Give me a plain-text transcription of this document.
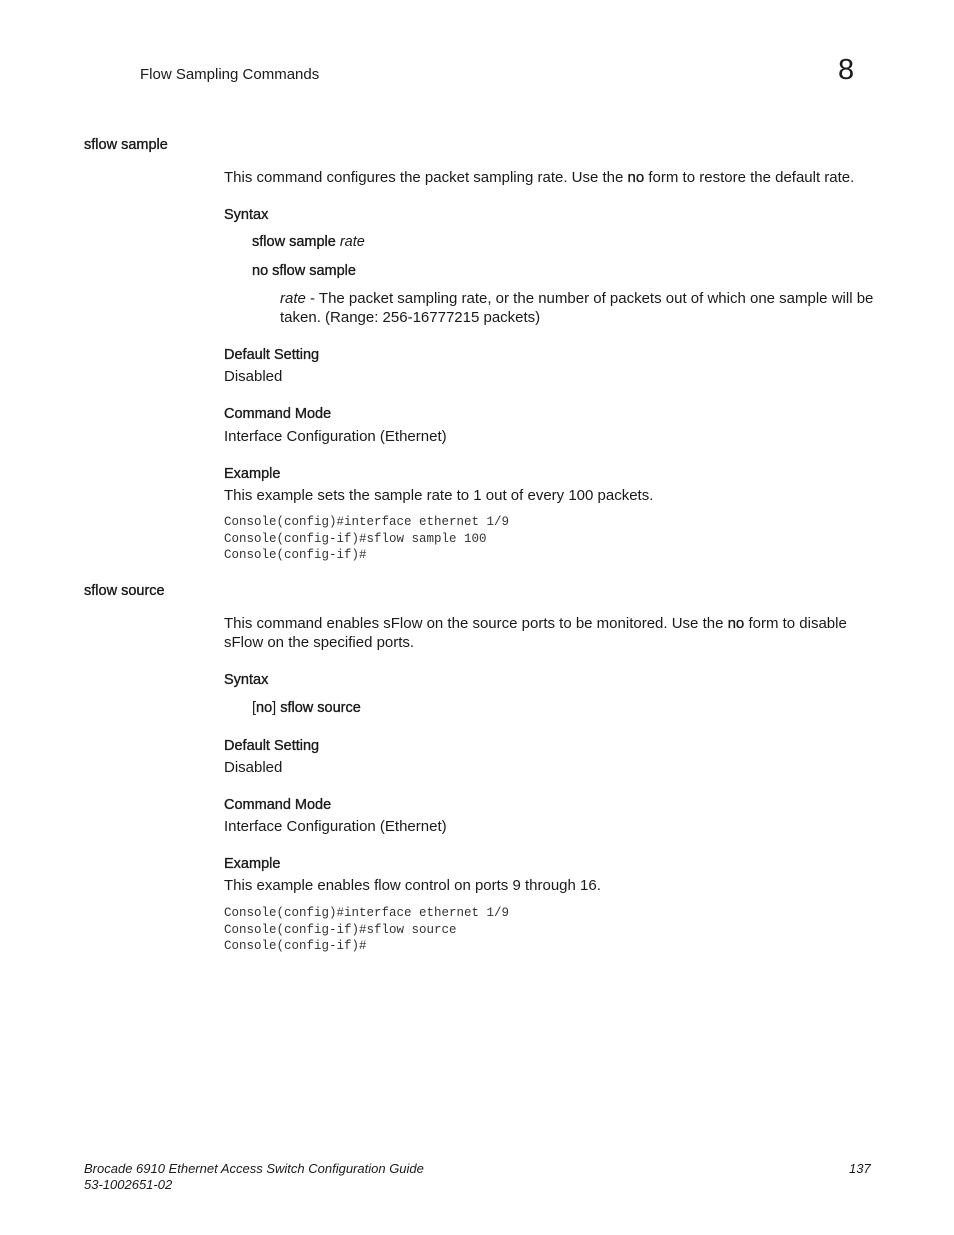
Flow Sampling Commands	8
sflow sample
This command configures the packet sampling rate. Use the no form to restore the default rate.
Syntax
sflow sample rate
no sflow sample
rate - The packet sampling rate, or the number of packets out of which one sample will be
taken. (Range: 256-16777215 packets)
Default Setting
Disabled
Command Mode
Interface Configuration (Ethernet)
Example
This example sets the sample rate to 1 out of every 100 packets.
Console(config)#interface ethernet 1/9
Console(config-if)#sflow sample 100
Console(config-if)#
sflow source
This command enables sFlow on the source ports to be monitored. Use the no form to disable
sFlow on the specified ports.
Syntax
[no] sflow source
Default Setting
Disabled
Command Mode
Interface Configuration (Ethernet)
Example
This example enables flow control on ports 9 through 16.
Console(config)#interface ethernet 1/9
Console(config-if)#sflow source
Console(config-if)#
Brocade 6910 Ethernet Access Switch Configuration Guide
53-1002651-02
137
